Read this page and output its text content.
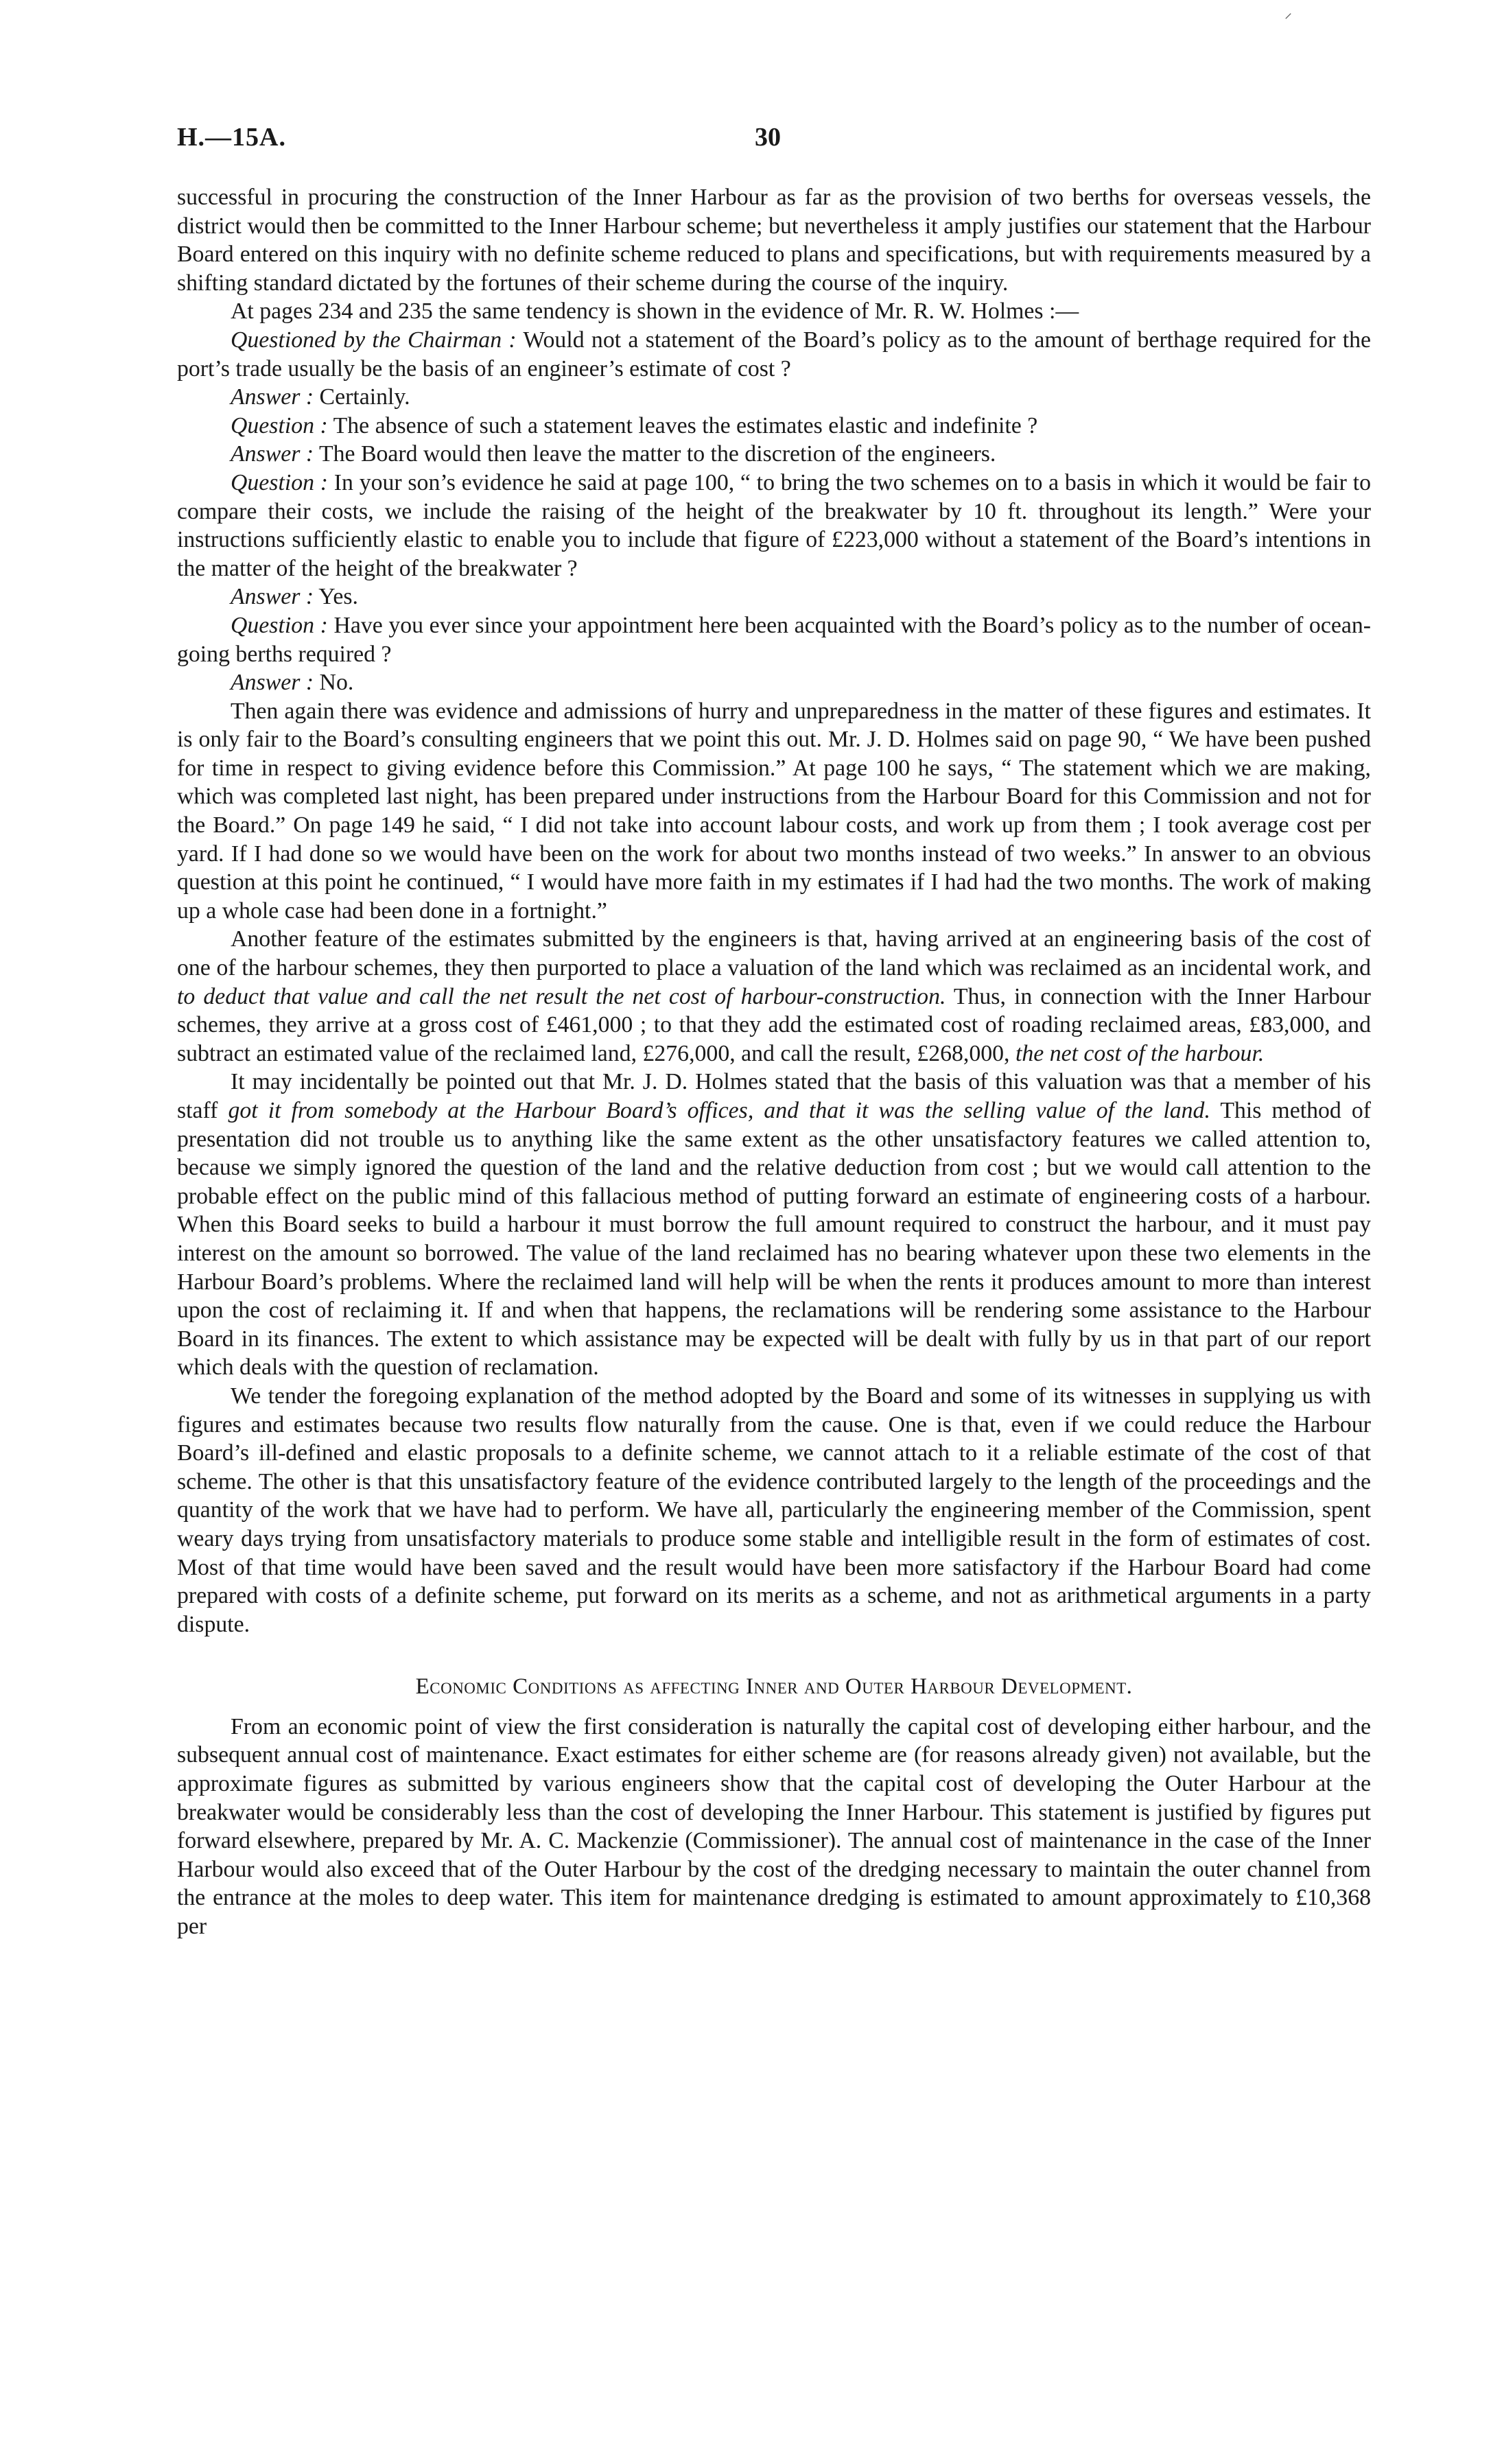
⸍
H.—15A.	30

successful in procuring the construction of the Inner Harbour as far as the provision of two berths for overseas vessels, the district would then be committed to the Inner Harbour scheme; but nevertheless it amply justifies our statement that the Harbour Board entered on this inquiry with no definite scheme reduced to plans and specifications, but with requirements measured by a shifting standard dictated by the fortunes of their scheme during the course of the inquiry.

At pages 234 and 235 the same tendency is shown in the evidence of Mr. R. W. Holmes :—

Questioned by the Chairman : Would not a statement of the Board’s policy as to the amount of berthage required for the port’s trade usually be the basis of an engineer’s estimate of cost ?

Answer : Certainly.

Question : The absence of such a statement leaves the estimates elastic and indefinite ?

Answer : The Board would then leave the matter to the discretion of the engineers.

Question : In your son’s evidence he said at page 100, “ to bring the two schemes on to a basis in which it would be fair to compare their costs, we include the raising of the height of the breakwater by 10 ft. throughout its length.” Were your instructions sufficiently elastic to enable you to include that figure of £223,000 without a statement of the Board’s intentions in the matter of the height of the breakwater ?

Answer : Yes.

Question : Have you ever since your appointment here been acquainted with the Board’s policy as to the number of ocean-going berths required ?

Answer : No.

Then again there was evidence and admissions of hurry and unpreparedness in the matter of these figures and estimates. It is only fair to the Board’s consulting engineers that we point this out. Mr. J. D. Holmes said on page 90, “ We have been pushed for time in respect to giving evidence before this Commission.” At page 100 he says, “ The statement which we are making, which was completed last night, has been prepared under instructions from the Harbour Board for this Commission and not for the Board.” On page 149 he said, “ I did not take into account labour costs, and work up from them ; I took average cost per yard. If I had done so we would have been on the work for about two months instead of two weeks.” In answer to an obvious question at this point he continued, “ I would have more faith in my estimates if I had had the two months. The work of making up a whole case had been done in a fortnight.”

Another feature of the estimates submitted by the engineers is that, having arrived at an engineering basis of the cost of one of the harbour schemes, they then purported to place a valuation of the land which was reclaimed as an incidental work, and to deduct that value and call the net result the net cost of harbour-construction. Thus, in connection with the Inner Harbour schemes, they arrive at a gross cost of £461,000 ; to that they add the estimated cost of roading reclaimed areas, £83,000, and subtract an estimated value of the reclaimed land, £276,000, and call the result, £268,000, the net cost of the harbour.

It may incidentally be pointed out that Mr. J. D. Holmes stated that the basis of this valuation was that a member of his staff got it from somebody at the Harbour Board’s offices, and that it was the selling value of the land. This method of presentation did not trouble us to anything like the same extent as the other unsatisfactory features we called attention to, because we simply ignored the question of the land and the relative deduction from cost ; but we would call attention to the probable effect on the public mind of this fallacious method of putting forward an estimate of engineering costs of a harbour. When this Board seeks to build a harbour it must borrow the full amount required to construct the harbour, and it must pay interest on the amount so borrowed. The value of the land reclaimed has no bearing whatever upon these two elements in the Harbour Board’s problems. Where the reclaimed land will help will be when the rents it produces amount to more than interest upon the cost of reclaiming it. If and when that happens, the reclamations will be rendering some assistance to the Harbour Board in its finances. The extent to which assistance may be expected will be dealt with fully by us in that part of our report which deals with the question of reclamation.

We tender the foregoing explanation of the method adopted by the Board and some of its witnesses in supplying us with figures and estimates because two results flow naturally from the cause. One is that, even if we could reduce the Harbour Board’s ill-defined and elastic proposals to a definite scheme, we cannot attach to it a reliable estimate of the cost of that scheme. The other is that this unsatisfactory feature of the evidence contributed largely to the length of the proceedings and the quantity of the work that we have had to perform. We have all, particularly the engineering member of the Commission, spent weary days trying from unsatisfactory materials to produce some stable and intelligible result in the form of estimates of cost. Most of that time would have been saved and the result would have been more satisfactory if the Harbour Board had come prepared with costs of a definite scheme, put forward on its merits as a scheme, and not as arithmetical arguments in a party dispute.

Economic Conditions as affecting Inner and Outer Harbour Development.

From an economic point of view the first consideration is naturally the capital cost of developing either harbour, and the subsequent annual cost of maintenance. Exact estimates for either scheme are (for reasons already given) not available, but the approximate figures as submitted by various engineers show that the capital cost of developing the Outer Harbour at the breakwater would be considerably less than the cost of developing the Inner Harbour. This statement is justified by figures put forward elsewhere, prepared by Mr. A. C. Mackenzie (Commissioner). The annual cost of maintenance in the case of the Inner Harbour would also exceed that of the Outer Harbour by the cost of the dredging necessary to maintain the outer channel from the entrance at the moles to deep water. This item for maintenance dredging is estimated to amount approximately to £10,368 per
